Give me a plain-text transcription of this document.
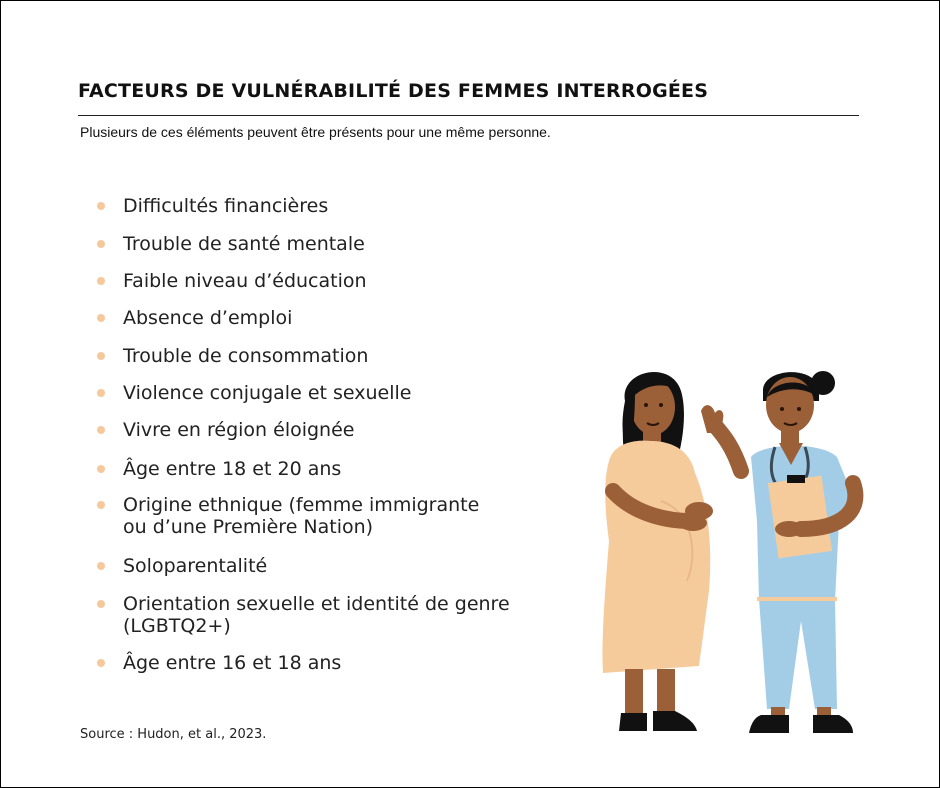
FACTEURS DE VULNÉRABILITÉ DES FEMMES INTERROGÉES
Plusieurs de ces éléments peuvent être présents pour une même personne.
Difficultés financières
Trouble de santé mentale
Faible niveau d’éducation
Absence d’emploi
Trouble de consommation
Violence conjugale et sexuelle
Vivre en région éloignée
Âge entre 18 et 20 ans
Origine ethnique (femme immigrante
ou d’une Première Nation)
Soloparentalité
Orientation sexuelle et identité de genre
(LGBTQ2+)
Âge entre 16 et 18 ans
Source : Hudon, et al., 2023.
